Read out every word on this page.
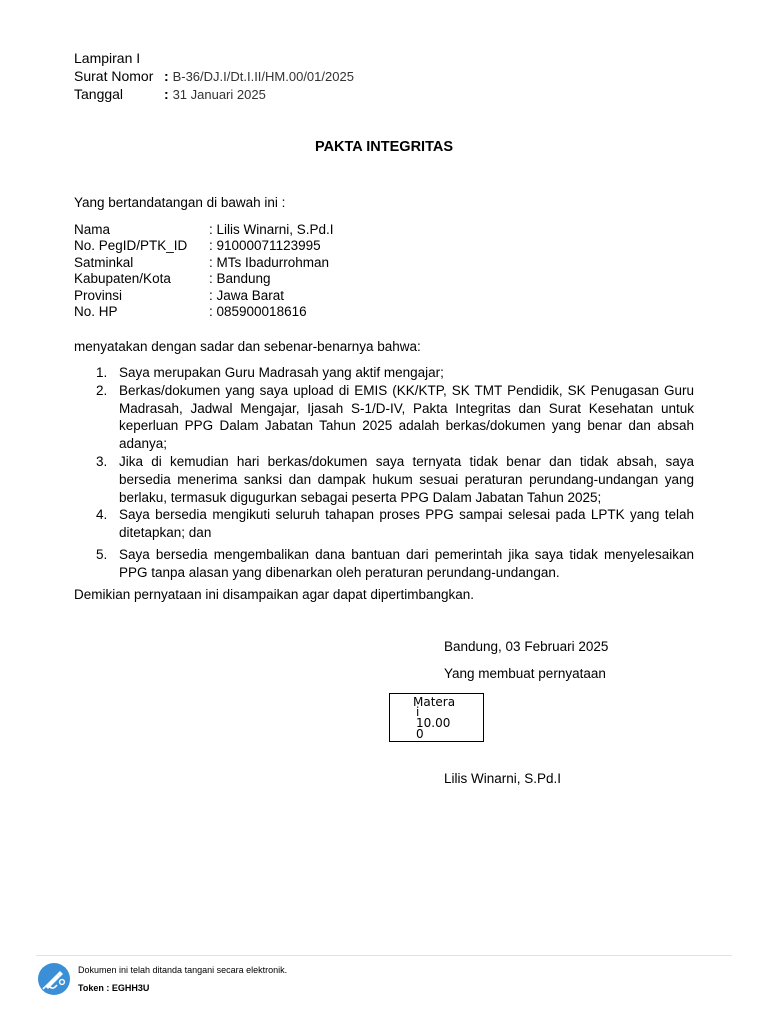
Lampiran I
Surat Nomor : B-36/DJ.I/Dt.I.II/HM.00/01/2025
Tanggal	: 31 Januari 2025
PAKTA INTEGRITAS
Yang bertandatangan di bawah ini :
Nama	: Lilis Winarni, S.Pd.I
No. PegID/PTK_ID : 91000071123995
Satminkal	: MTs Ibadurrohman
Kabupaten/Kota	: Bandung
Provinsi	: Jawa Barat
No. HP	: 085900018616
menyatakan dengan sadar dan sebenar-benarnya bahwa:
1. Saya merupakan Guru Madrasah yang aktif mengajar;
2. Berkas/dokumen yang saya upload di EMIS (KK/KTP, SK TMT Pendidik, SK Penugasan Guru Madrasah, Jadwal Mengajar, Ijasah S-1/D-IV, Pakta Integritas dan Surat Kesehatan untuk keperluan PPG Dalam Jabatan Tahun 2025 adalah berkas/dokumen yang benar dan absah adanya;
3. Jika di kemudian hari berkas/dokumen saya ternyata tidak benar dan tidak absah, saya bersedia menerima sanksi dan dampak hukum sesuai peraturan perundang-undangan yang berlaku, termasuk digugurkan sebagai peserta PPG Dalam Jabatan Tahun 2025;
4. Saya bersedia mengikuti seluruh tahapan proses PPG sampai selesai pada LPTK yang telah ditetapkan; dan
5. Saya bersedia mengembalikan dana bantuan dari pemerintah jika saya tidak menyelesaikan PPG tanpa alasan yang dibenarkan oleh peraturan perundang-undangan.
Demikian pernyataan ini disampaikan agar dapat dipertimbangkan.
Bandung, 03 Februari 2025
Yang membuat pernyataan
Matera
i
10.00
0
Lilis Winarni, S.Pd.I
Dokumen ini telah ditanda tangani secara elektronik.
Token : EGHH3U
